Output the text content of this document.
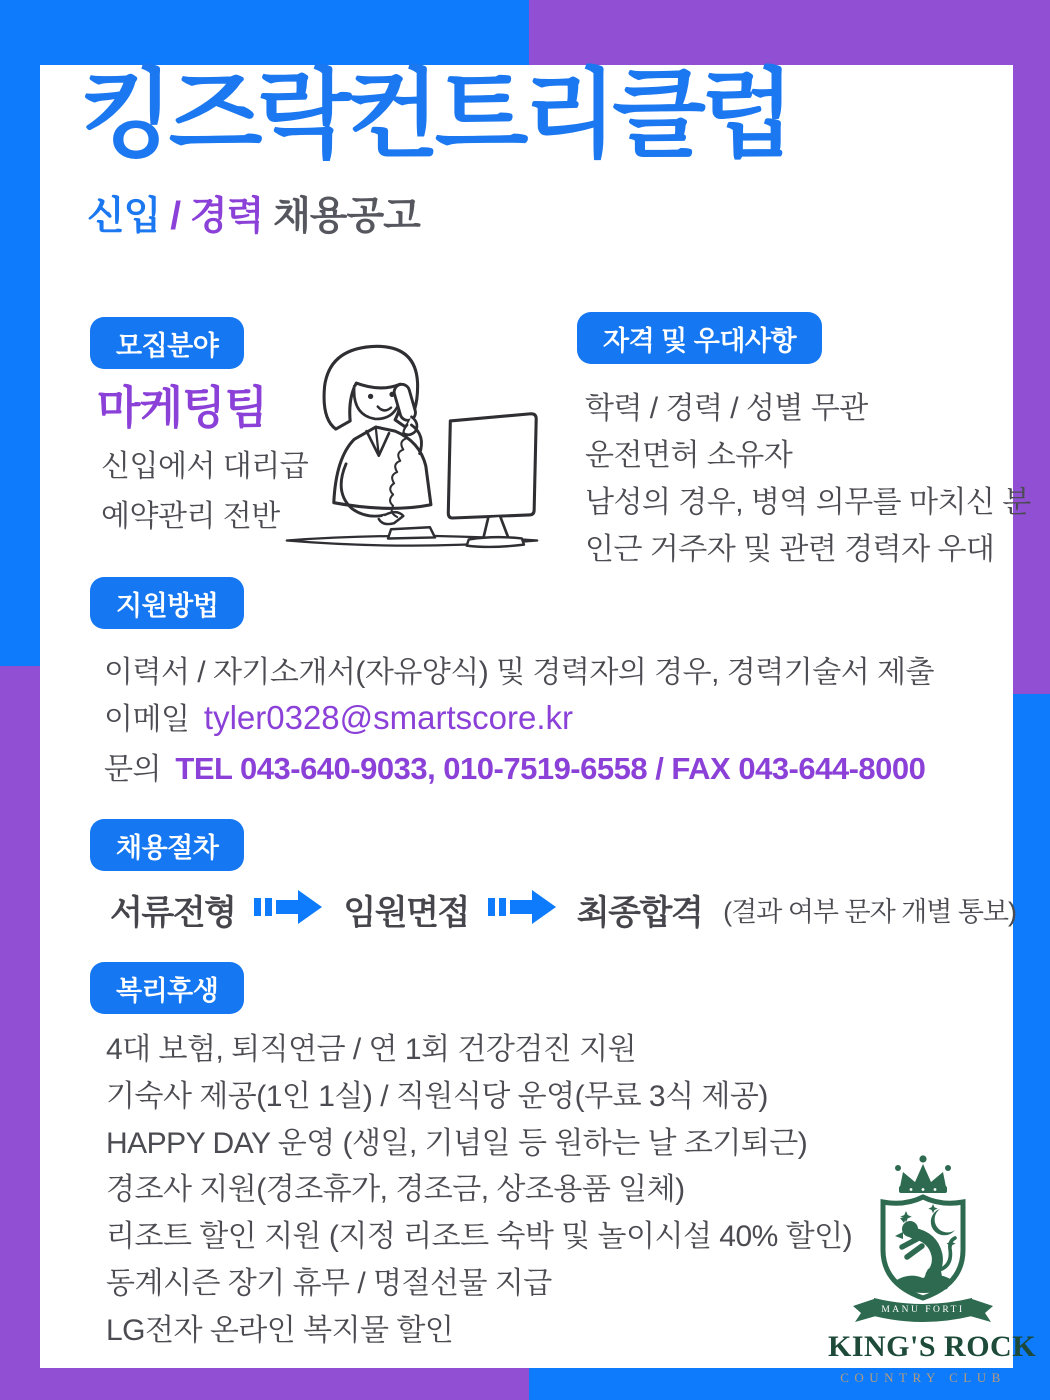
킹즈락컨트리클럽
신입 / 경력 채용공고
모집분야
마케팅팀
신입에서 대리급
예약관리 전반
자격 및 우대사항
학력 / 경력 / 성별 무관
운전면허 소유자
남성의 경우, 병역 의무를 마치신 분
인근 거주자 및 관련 경력자 우대
지원방법
이력서 / 자기소개서(자유양식) 및 경력자의 경우, 경력기술서 제출
이메일 tyler0328@smartscore.kr
문의 TEL 043-640-9033, 010-7519-6558 / FAX 043-644-8000
채용절차
서류전형	임원면접	최종합격 (결과 여부 문자 개별 통보)
복리후생
4대 보험, 퇴직연금 / 연 1회 건강검진 지원
기숙사 제공(1인 1실) / 직원식당 운영(무료 3식 제공)
HAPPY DAY 운영 (생일, 기념일 등 원하는 날 조기퇴근)
경조사 지원(경조휴가, 경조금, 상조용품 일체)
리조트 할인 지원 (지정 리조트 숙박 및 놀이시설 40% 할인)
동계시즌 장기 휴무 / 명절선물 지급
LG전자 온라인 복지물 할인
MANU FORTI
KING'S ROCK
COUNTRY CLUB
